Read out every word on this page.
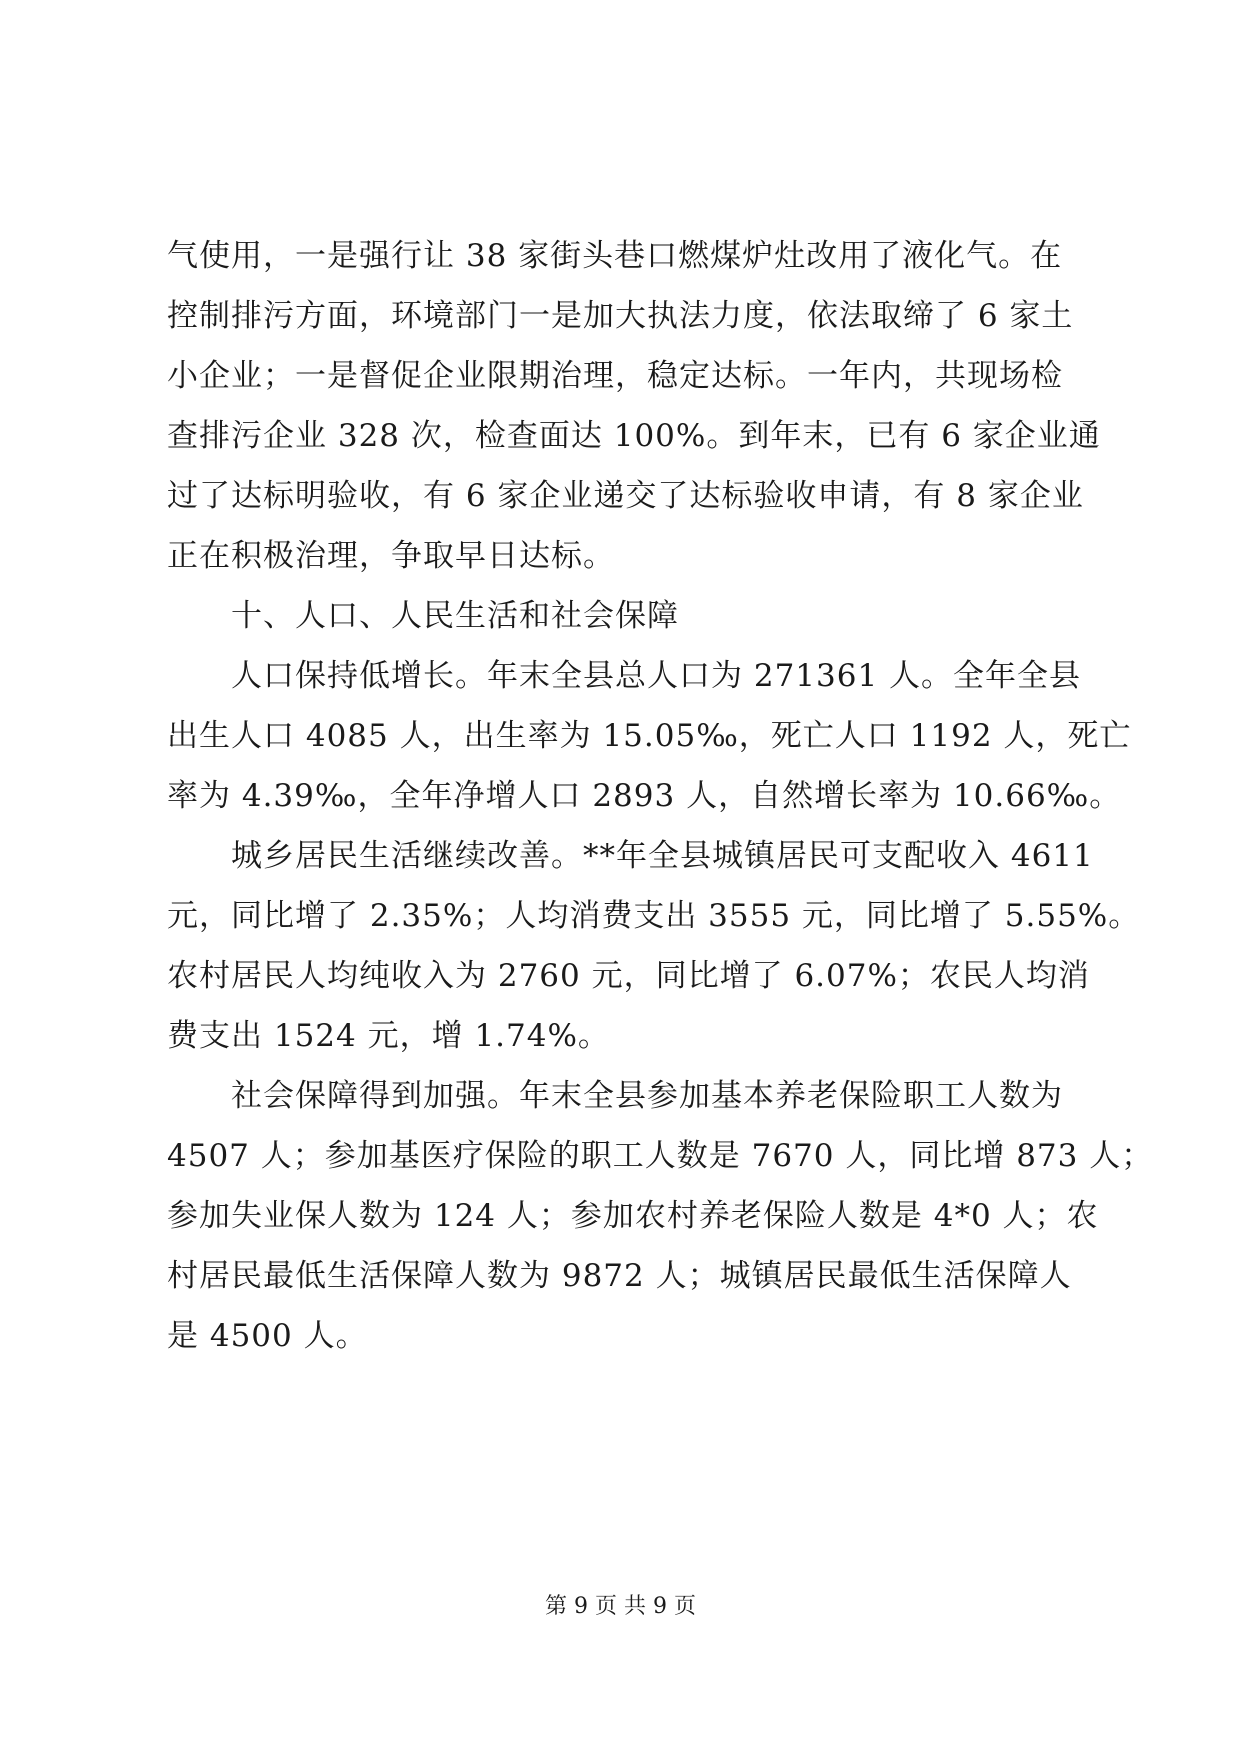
气使用，一是强行让 38 家街头巷口燃煤炉灶改用了液化气。在
控制排污方面，环境部门一是加大执法力度，依法取缔了 6 家土
小企业；一是督促企业限期治理，稳定达标。一年内，共现场检
查排污企业 328 次，检查面达 100%。到年末，已有 6 家企业通
过了达标明验收，有 6 家企业递交了达标验收申请，有 8 家企业
正在积极治理，争取早日达标。
十、人口、人民生活和社会保障
人口保持低增长。年末全县总人口为 271361 人。全年全县
出生人口 4085 人，出生率为 15.05‰，死亡人口 1192 人，死亡
率为 4.39‰，全年净增人口 2893 人，自然增长率为 10.66‰。
城乡居民生活继续改善。**年全县城镇居民可支配收入 4611
元，同比增了 2.35%；人均消费支出 3555 元，同比增了 5.55%。
农村居民人均纯收入为 2760 元，同比增了 6.07%；农民人均消
费支出 1524 元，增 1.74%。
社会保障得到加强。年末全县参加基本养老保险职工人数为
4507 人；参加基医疗保险的职工人数是 7670 人，同比增 873 人；
参加失业保人数为 124 人；参加农村养老保险人数是 4*0 人；农
村居民最低生活保障人数为 9872 人；城镇居民最低生活保障人
是 4500 人。
第 9 页 共 9 页
